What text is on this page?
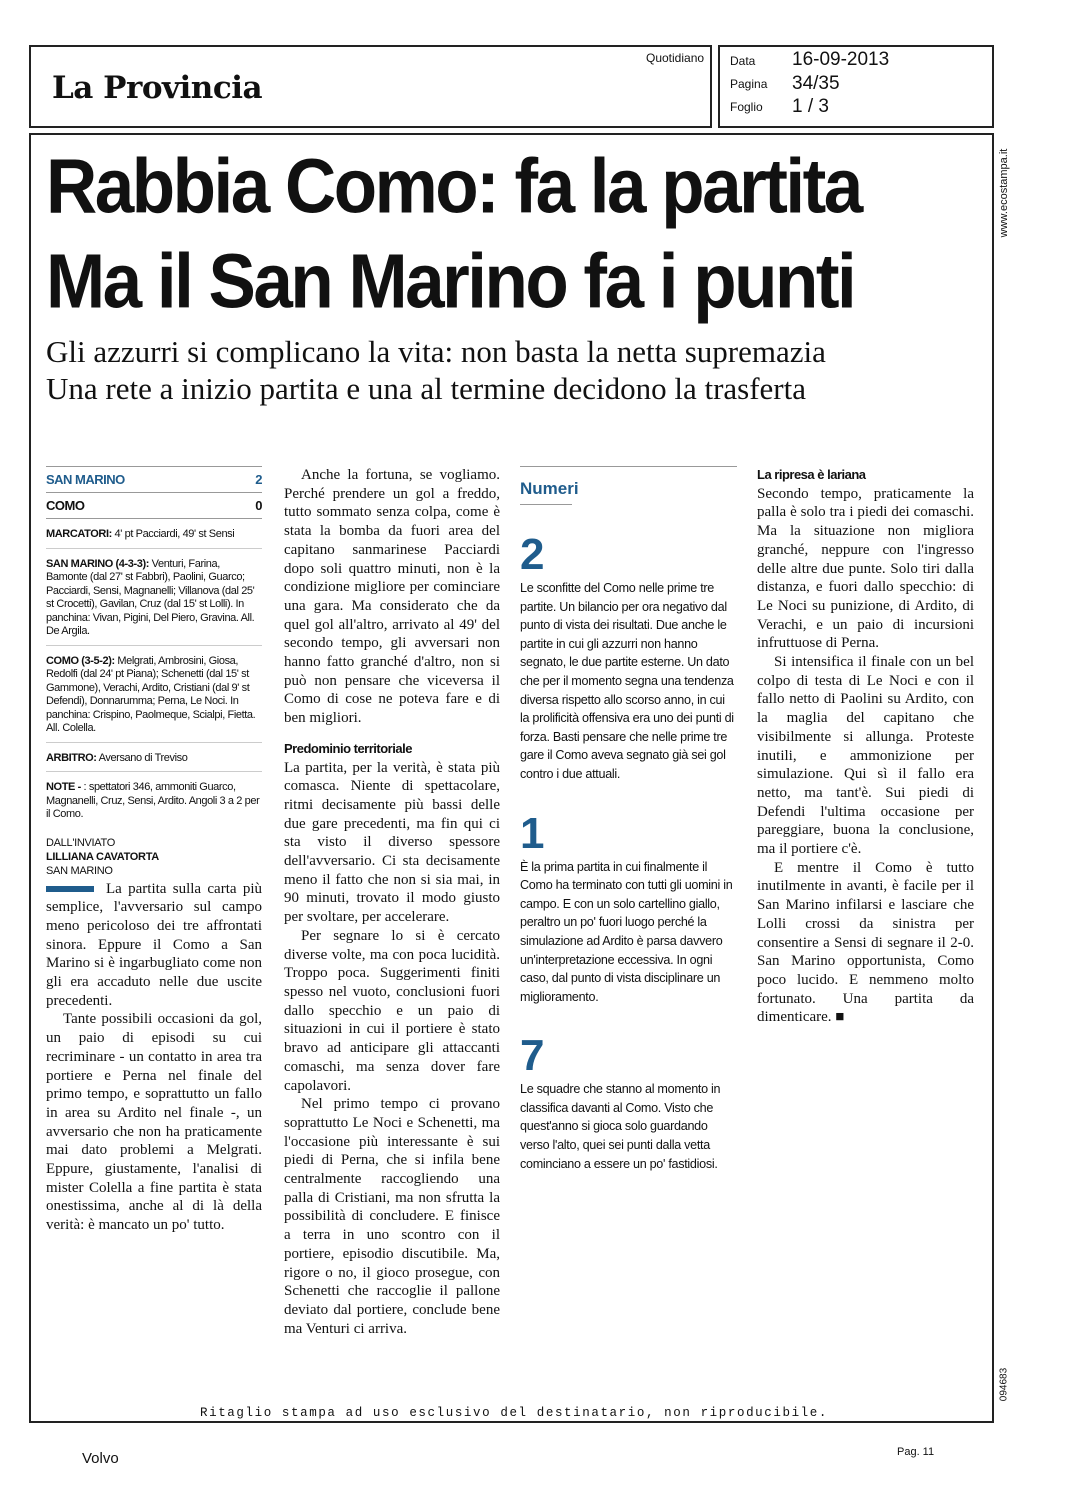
La Provincia
Quotidiano Data 16-09-2013
Pagina 34/35
Foglio 1 / 3
www.ecostampa.it
094683
Rabbia Como: fa la partita
Ma il San Marino fa i punti
Gli azzurri si complicano la vita: non basta la netta supremazia
Una rete a inizio partita e una al termine decidono la trasferta
SAN MARINO	2
COMO	0

MARCATORI: 4' pt Pacciardi, 49' st Sensi

SAN MARINO (4-3-3): Venturi, Farina, Bamonte (dal 27' st Fabbri), Paolini, Guarco; Pacciardi, Sensi, Magnanelli; Villanova (dal 25' st Crocetti), Gavilan, Cruz (dal 15' st Lolli). In panchina: Vivan, Pigini, Del Piero, Gravina. All. De Argila.

COMO (3-5-2): Melgrati, Ambrosini, Giosa, Redolfi (dal 24' pt Piana); Schenetti (dal 15' st Gammone), Verachi, Ardito, Cristiani (dal 9' st Defendi), Donnarumma; Perna, Le Noci. In panchina: Crispino, Paolmeque, Scialpi, Fietta. All. Colella.

ARBITRO: Aversano di Treviso

NOTE - : spettatori 346, ammoniti Guarco, Magnanelli, Cruz, Sensi, Ardito. Angoli 3 a 2 per il Como.

DALL'INVIATO
LILLIANA CAVATORTA
SAN MARINO

La partita sulla carta più semplice, l'avversario sul campo meno pericoloso dei tre affrontati sinora. Eppure il Como a San Marino si è ingarbugliato come non gli era accaduto nelle due uscite precedenti.

Tante possibili occasioni da gol, un paio di episodi su cui recriminare - un contatto in area tra portiere e Perna nel finale del primo tempo, e soprattutto un fallo in area su Ardito nel finale -, un avversario che non ha praticamente mai dato problemi a Melgrati. Eppure, giustamente, l'analisi di mister Colella a fine partita è stata onestissima, anche al di là della verità: è mancato un po' tutto.

Anche la fortuna, se vogliamo. Perché prendere un gol a freddo, tutto sommato senza colpa, come è stata la bomba da fuori area del capitano sanmarinese Pacciardi dopo soli quattro minuti, non è la condizione migliore per cominciare una gara. Ma considerato che da quel gol all'altro, arrivato al 49' del secondo tempo, gli avversari non hanno fatto granché d'altro, non si può non pensare che viceversa il Como di cose ne poteva fare e di ben migliori.

Predominio territoriale

La partita, per la verità, è stata più comasca. Niente di spettacolare, ritmi decisamente più bassi delle due gare precedenti, ma fin qui ci sta visto il diverso spessore dell'avversario. Ci sta decisamente meno il fatto che non si sia mai, in 90 minuti, trovato il modo giusto per svoltare, per accelerare.

Per segnare lo si è cercato diverse volte, ma con poca lucidità. Troppo poca. Suggerimenti finiti spesso nel vuoto, conclusioni fuori dallo specchio e un paio di situazioni in cui il portiere è stato bravo ad anticipare gli attaccanti comaschi, ma senza dover fare capolavori.

Nel primo tempo ci provano soprattutto Le Noci e Schenetti, ma l'occasione più interessante è sui piedi di Perna, che si infila bene centralmente raccogliendo una palla di Cristiani, ma non sfrutta la possibilità di concludere. E finisce a terra in uno scontro con il portiere, episodio discutibile. Ma, rigore o no, il gioco prosegue, con Schenetti che raccoglie il pallone deviato dal portiere, conclude bene ma Venturi ci arriva.

Numeri
2

Le sconfitte del Como nelle prime tre partite. Un bilancio per ora negativo dal punto di vista dei risultati. Due anche le partite in cui gli azzurri non hanno segnato, le due partite esterne. Un dato che per il momento segna una tendenza diversa rispetto allo scorso anno, in cui la prolificità offensiva era uno dei punti di forza. Basti pensare che nelle prime tre gare il Como aveva segnato già sei gol contro i due attuali.

1

È la prima partita in cui finalmente il Como ha terminato con tutti gli uomini in campo. E con un solo cartellino giallo, peraltro un po' fuori luogo perché la simulazione ad Ardito è parsa davvero un'interpretazione eccessiva. In ogni caso, dal punto di vista disciplinare un miglioramento.

7

Le squadre che stanno al momento in classifica davanti al Como. Visto che quest'anno si gioca solo guardando verso l'alto, quei sei punti dalla vetta cominciano a essere un po' fastidiosi.

La ripresa è lariana

Secondo tempo, praticamente la palla è solo tra i piedi dei comaschi. Ma la situazione non migliora granché, neppure con l'ingresso delle altre due punte. Solo tiri dalla distanza, e fuori dallo specchio: di Le Noci su punizione, di Ardito, di Verachi, e un paio di incursioni infruttuose di Perna.

Si intensifica il finale con un bel colpo di testa di Le Noci e con il fallo netto di Paolini su Ardito, con la maglia del capitano che visibilmente si allunga. Proteste inutili, e ammonizione per simulazione. Qui sì il fallo era netto, ma tant'è. Sui piedi di Defendi l'ultima occasione per pareggiare, buona la conclusione, ma il portiere c'è.

E mentre il Como è tutto inutilmente in avanti, è facile per il San Marino infilarsi e lasciare che Lolli crossi da sinistra per consentire a Sensi di segnare il 2-0. San Marino opportunista, Como poco lucido. E nemmeno molto fortunato. Una partita da dimenticare. ■

Ritaglio stampa ad uso esclusivo del destinatario, non riproducibile.
Volvo	Pag. 11
